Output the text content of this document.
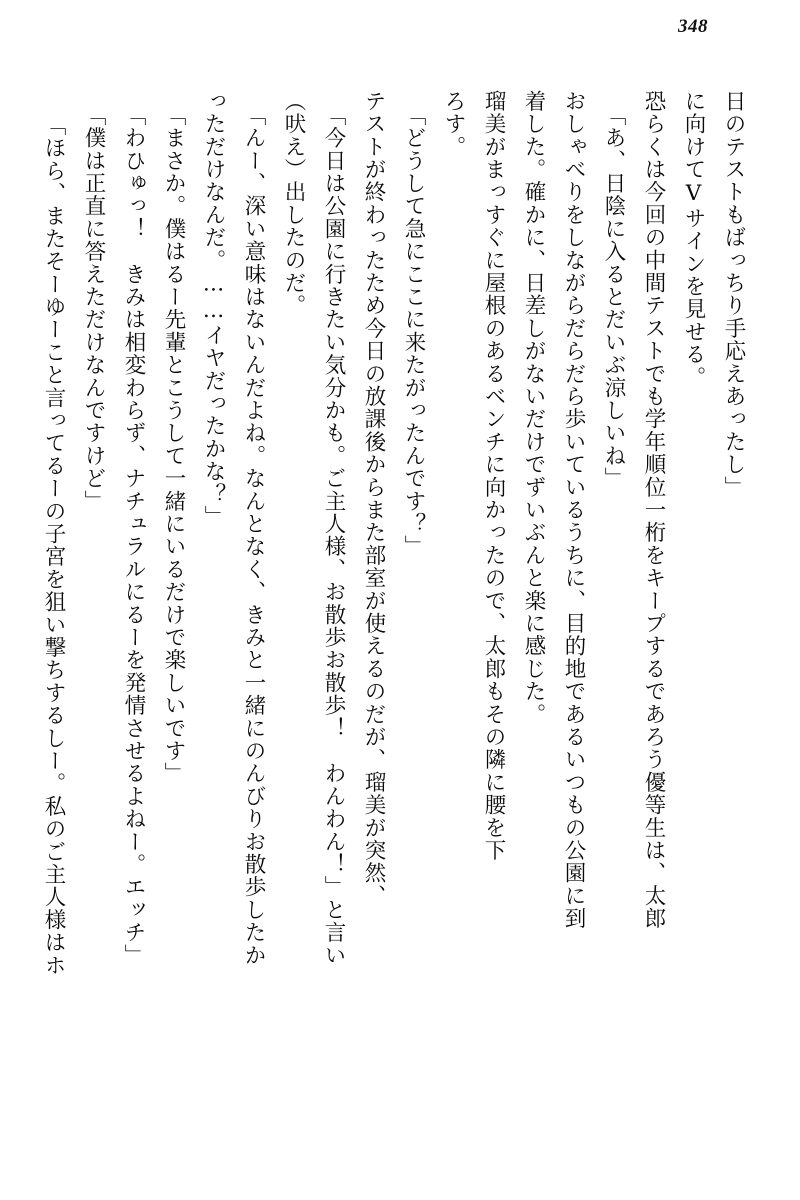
348
日のテストもばっちり手応えあったし」
に向けてVサインを見せる。
恐らくは今回の中間テストでも学年順位一桁をキープするであろう優等生は、太郎
「あ、日陰に入るとだいぶ涼しいね」
おしゃべりをしながらだらだら歩いているうちに、目的地であるいつもの公園に到
着した。確かに、日差しがないだけでずいぶんと楽に感じた。
瑠美がまっすぐに屋根のあるベンチに向かったので、太郎もその隣に腰を下
ろす。
「どうして急にここに来たがったんです？」
テストが終わったため今日の放課後からまた部室が使えるのだが、瑠美が突然、
「今日は公園に行きたい気分かも。ご主人様、お散歩お散歩！　わんわん！」と言い
（吠え）出したのだ。
「んー、深い意味はないんだよね。なんとなく、きみと一緒にのんびりお散歩したか
っただけなんだ。……イヤだったかな？」
「まさか。僕はるー先輩とこうして一緒にいるだけで楽しいです」
「わひゅっ！　きみは相変わらず、ナチュラルにるーを発情させるよねー。エッチ」
「僕は正直に答えただけなんですけど」
「ほら、またそーゆーこと言ってるーの子宮を狙い撃ちするしー。私のご主人様はホ
